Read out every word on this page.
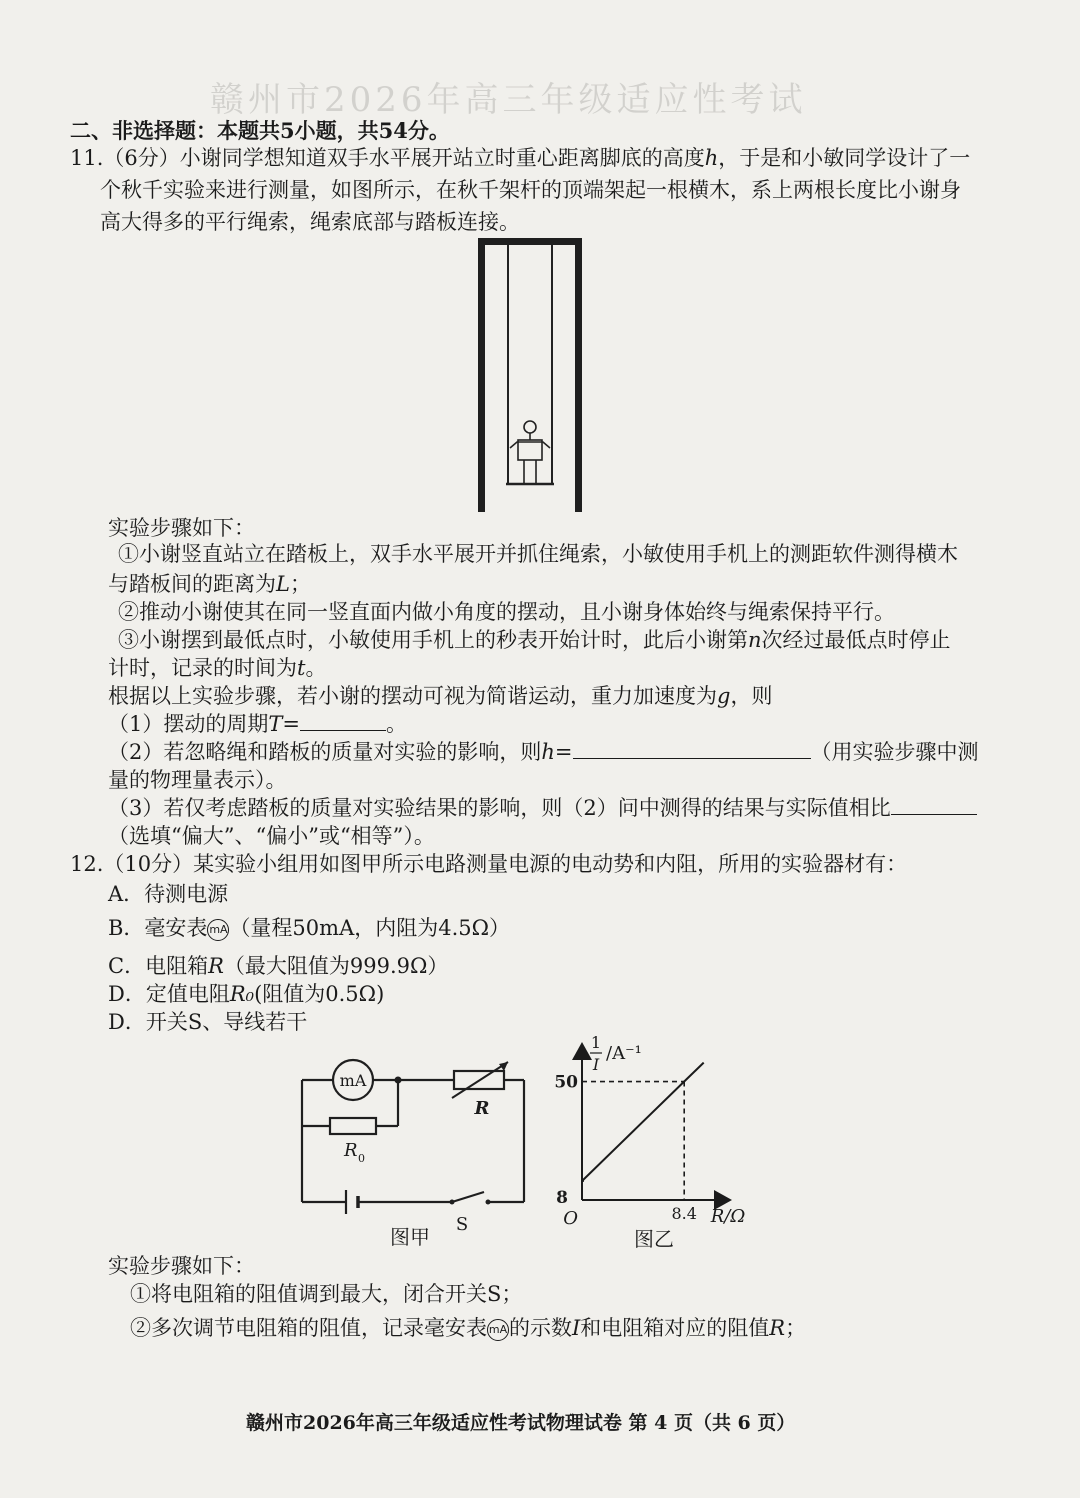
赣州市2026年高三年级适应性考试
二、非选择题：本题共5小题，共54分。
11.（6分）小谢同学想知道双手水平展开站立时重心距离脚底的高度h，于是和小敏同学设计了一
个秋千实验来进行测量，如图所示，在秋千架杆的顶端架起一根横木，系上两根长度比小谢身
高大得多的平行绳索，绳索底部与踏板连接。
实验步骤如下：
①小谢竖直站立在踏板上，双手水平展开并抓住绳索，小敏使用手机上的测距软件测得横木
与踏板间的距离为L；
②推动小谢使其在同一竖直面内做小角度的摆动，且小谢身体始终与绳索保持平行。
③小谢摆到最低点时，小敏使用手机上的秒表开始计时，此后小谢第n次经过最低点时停止
计时，记录的时间为t。
根据以上实验步骤，若小谢的摆动可视为简谐运动，重力加速度为g，则
（1）摆动的周期T=	。
（2）若忽略绳和踏板的质量对实验的影响，则h=	（用实验步骤中测
量的物理量表示）。
（3）若仅考虑踏板的质量对实验结果的影响，则（2）问中测得的结果与实际值相比
（选填“偏大”、“偏小”或“相等”）。
12.（10分）某实验小组用如图甲所示电路测量电源的电动势和内阻，所用的实验器材有：
A．待测电源
B．毫安表 mA（量程50mA，内阻为4.5Ω）
C．电阻箱R（最大阻值为999.9Ω）
D．定值电阻R₀(阻值为0.5Ω)
D．开关S、导线若干
mA
R
R 0
S
图甲
1
I
/A⁻¹
50
8
O	8.4 R/Ω
图乙
实验步骤如下：
①将电阻箱的阻值调到最大，闭合开关S；
②多次调节电阻箱的阻值，记录毫安表 mA的示数I和电阻箱对应的阻值R；
赣州市2026年高三年级适应性考试物理试卷 第 4 页（共 6 页）
